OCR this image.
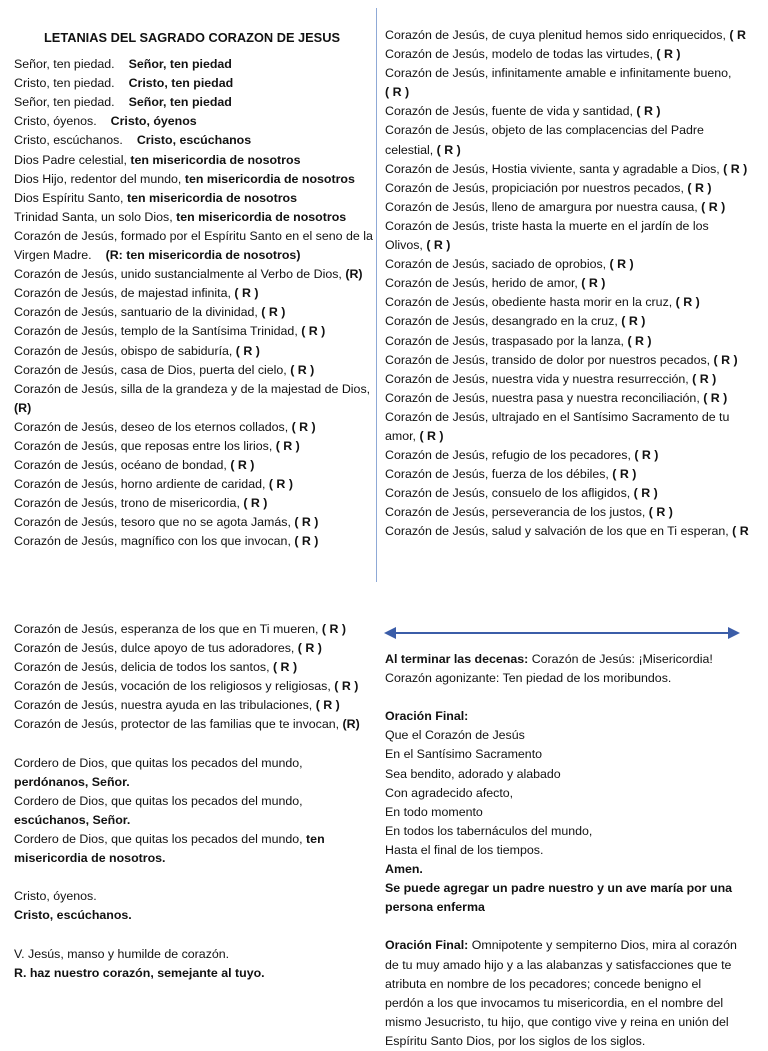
LETANIAS DEL SAGRADO CORAZON DE JESUS
Señor, ten piedad. Señor, ten piedad
Cristo, ten piedad. Cristo, ten piedad
Señor, ten piedad. Señor, ten piedad
Cristo, óyenos. Cristo, óyenos
Cristo, escúchanos. Cristo, escúchanos
Dios Padre celestial, ten misericordia de nosotros
Dios Hijo, redentor del mundo, ten misericordia de nosotros
Dios Espíritu Santo, ten misericordia de nosotros
Trinidad Santa, un solo Dios, ten misericordia de nosotros
Corazón de Jesús, formado por el Espíritu Santo en el seno de la
Virgen Madre. (R: ten misericordia de nosotros)
Corazón de Jesús, unido sustancialmente al Verbo de Dios, (R)
Corazón de Jesús, de majestad infinita, ( R )
Corazón de Jesús, santuario de la divinidad, ( R )
Corazón de Jesús, templo de la Santísima Trinidad, ( R )
Corazón de Jesús, obispo de sabiduría, ( R )
Corazón de Jesús, casa de Dios, puerta del cielo, ( R )
Corazón de Jesús, silla de la grandeza y de la majestad de Dios,
(R)
Corazón de Jesús, deseo de los eternos collados, ( R )
Corazón de Jesús, que reposas entre los lirios, ( R )
Corazón de Jesús, océano de bondad, ( R )
Corazón de Jesús, horno ardiente de caridad, ( R )
Corazón de Jesús, trono de misericordia, ( R )
Corazón de Jesús, tesoro que no se agota Jamás, ( R )
Corazón de Jesús, magnífico con los que invocan, ( R )
Corazón de Jesús, de cuya plenitud hemos sido enriquecidos, ( R
Corazón de Jesús, modelo de todas las virtudes, ( R )
Corazón de Jesús, infinitamente amable e infinitamente bueno,
( R )
Corazón de Jesús, fuente de vida y santidad, ( R )
Corazón de Jesús, objeto de las complacencias del Padre
celestial, ( R )
Corazón de Jesús, Hostia viviente, santa y agradable a Dios, ( R )
Corazón de Jesús, propiciación por nuestros pecados, ( R )
Corazón de Jesús, lleno de amargura por nuestra causa, ( R )
Corazón de Jesús, triste hasta la muerte en el jardín de los
Olivos, ( R )
Corazón de Jesús, saciado de oprobios, ( R )
Corazón de Jesús, herido de amor, ( R )
Corazón de Jesús, obediente hasta morir en la cruz, ( R )
Corazón de Jesús, desangrado en la cruz, ( R )
Corazón de Jesús, traspasado por la lanza, ( R )
Corazón de Jesús, transido de dolor por nuestros pecados, ( R )
Corazón de Jesús, nuestra vida y nuestra resurrección, ( R )
Corazón de Jesús, nuestra pasa y nuestra reconciliación, ( R )
Corazón de Jesús, ultrajado en el Santísimo Sacramento de tu
amor, ( R )
Corazón de Jesús, refugio de los pecadores, ( R )
Corazón de Jesús, fuerza de los débiles, ( R )
Corazón de Jesús, consuelo de los afligidos, ( R )
Corazón de Jesús, perseverancia de los justos, ( R )
Corazón de Jesús, salud y salvación de los que en Ti esperan, ( R
Corazón de Jesús, esperanza de los que en Ti mueren, ( R )
Corazón de Jesús, dulce apoyo de tus adoradores, ( R )
Corazón de Jesús, delicia de todos los santos, ( R )
Corazón de Jesús, vocación de los religiosos y religiosas, ( R )
Corazón de Jesús, nuestra ayuda en las tribulaciones, ( R )
Corazón de Jesús, protector de las familias que te invocan, (R)

Cordero de Dios, que quitas los pecados del mundo,
perdónanos, Señor.
Cordero de Dios, que quitas los pecados del mundo,
escúchanos, Señor.
Cordero de Dios, que quitas los pecados del mundo, ten
misericordia de nosotros.

Cristo, óyenos.
Cristo, escúchanos.

V. Jesús, manso y humilde de corazón.
R. haz nuestro corazón, semejante al tuyo.
Al terminar las decenas: Corazón de Jesús: ¡Misericordia!
Corazón agonizante: Ten piedad de los moribundos.

Oración Final:
Que el Corazón de Jesús
En el Santísimo Sacramento
Sea bendito, adorado y alabado
Con agradecido afecto,
En todo momento
En todos los tabernáculos del mundo,
Hasta el final de los tiempos.
Amen.
Se puede agregar un padre nuestro y un ave maría por una
persona enferma

Oración Final: Omnipotente y sempiterno Dios, mira al corazón
de tu muy amado hijo y a las alabanzas y satisfacciones que te
atributa en nombre de los pecadores; concede benigno el
perdón a los que invocamos tu misericordia, en el nombre del
mismo Jesucristo, tu hijo, que contigo vive y reina en unión del
Espíritu Santo Dios, por los siglos de los siglos.
